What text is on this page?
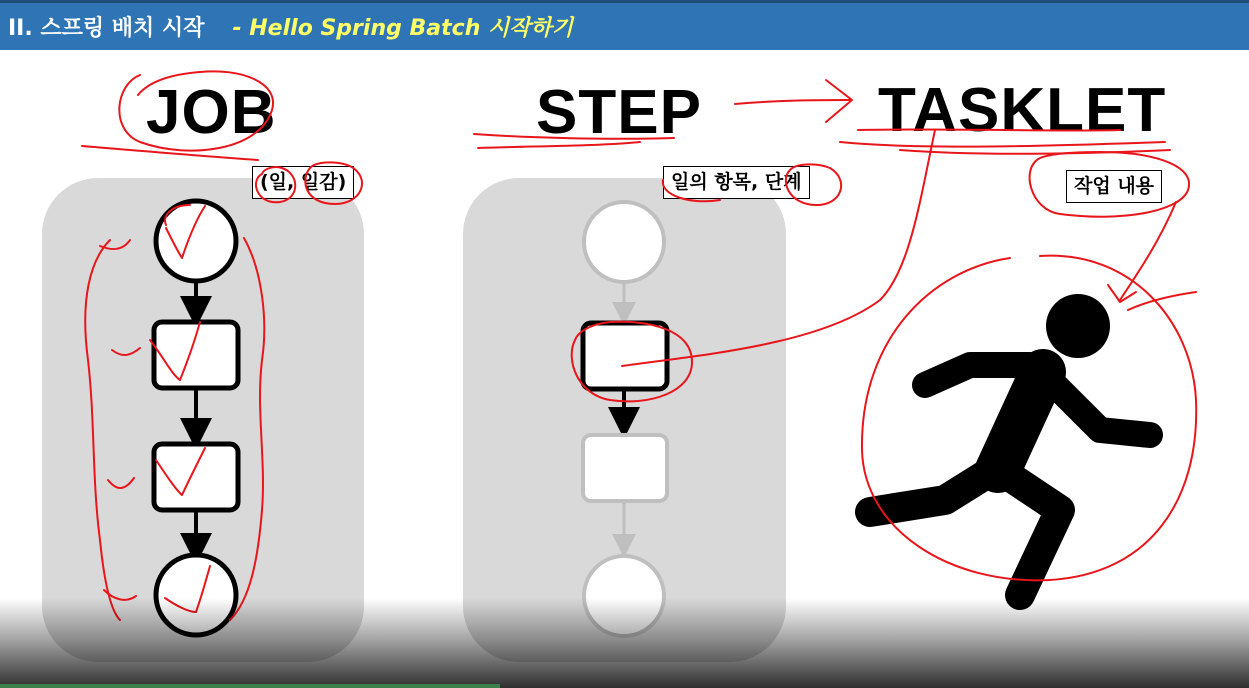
II. 스프링 배치 시작 - Hello Spring Batch 시작하기
JOB	STEP	TASKLET
(일, 일감)	일의 항목, 단계	작업 내용
